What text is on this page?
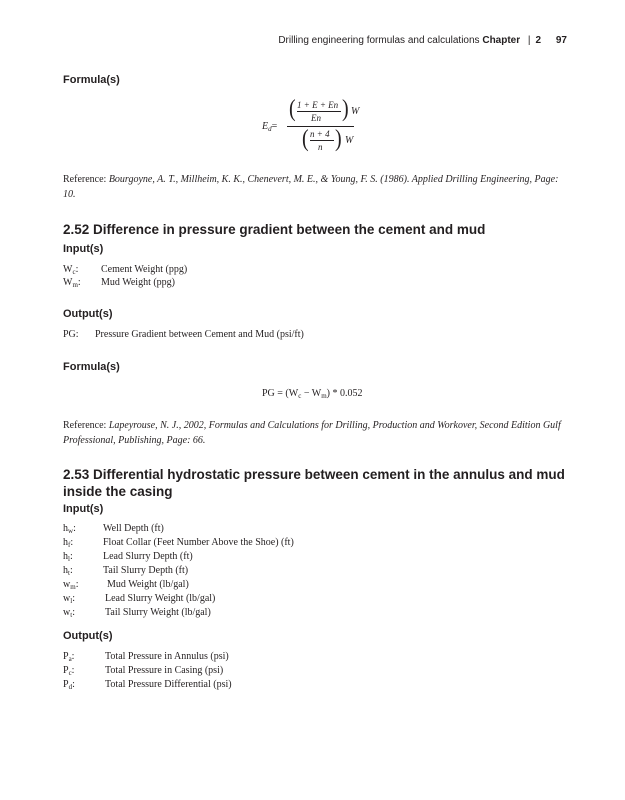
Drilling engineering formulas and calculations Chapter | 2 97
Formula(s)
$E_d=$
( 1 + E + En
En ) W
( n + 4
n ) W
Reference: Bourgoyne, A. T., Millheim, K. K., Chenevert, M. E., & Young, F. S. (1986). Applied Drilling Engineering, Page: 10.
2.52 Difference in pressure gradient between the cement and mud
Input(s)
$W_c$: Cement Weight (ppg)
$W_m$: Mud Weight (ppg)
Output(s)
PG: Pressure Gradient between Cement and Mud (psi/ft)
Formula(s)
PG = $(W_c - W_m) * 0.052$
Reference: Lapeyrouse, N. J., 2002, Formulas and Calculations for Drilling, Production and Workover, Second Edition Gulf Professional, Publishing, Page: 66.
2.53 Differential hydrostatic pressure between cement in the annulus and mud inside the casing
Input(s)
$h_w$:	Well Depth (ft)
$h_f$:	Float Collar (Feet Number Above the Shoe) (ft)
$h_l$:	Lead Slurry Depth (ft)
$h_t$:	Tail Slurry Depth (ft)
$w_m$:	Mud Weight (lb/gal)
$w_l$:	Lead Slurry Weight (lb/gal)
$w_t$:	Tail Slurry Weight (lb/gal)
Output(s)
$P_a$:	Total Pressure in Annulus (psi)
$P_c$:	Total Pressure in Casing (psi)
$P_d$:	Total Pressure Differential (psi)
